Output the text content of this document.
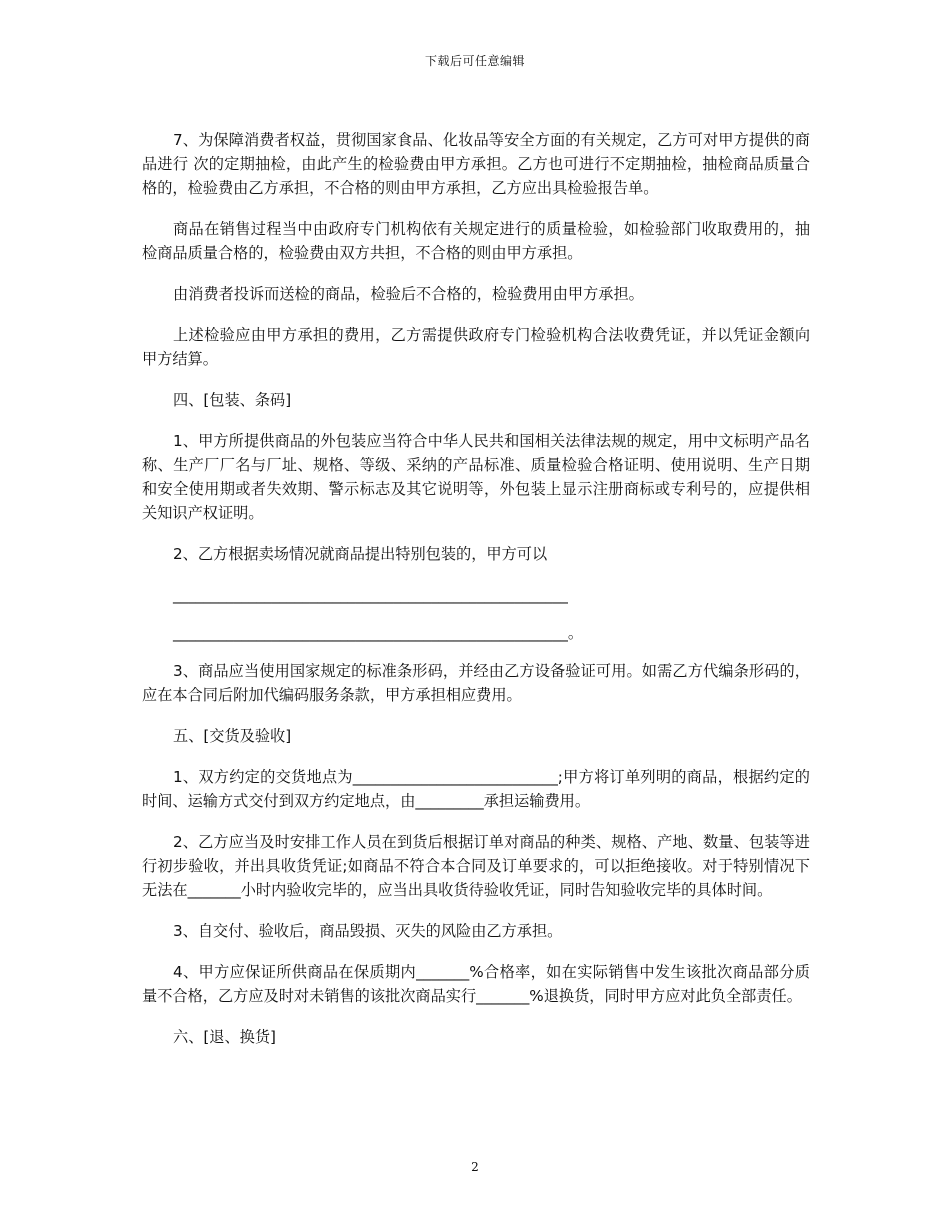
下载后可任意编辑

7、为保障消费者权益，贯彻国家食品、化妆品等安全方面的有关规定，乙方可对甲方提供的商品进行 次的定期抽检，由此产生的检验费由甲方承担。乙方也可进行不定期抽检，抽检商品质量合格的，检验费由乙方承担，不合格的则由甲方承担，乙方应出具检验报告单。

商品在销售过程当中由政府专门机构依有关规定进行的质量检验，如检验部门收取费用的，抽检商品质量合格的，检验费由双方共担，不合格的则由甲方承担。

由消费者投诉而送检的商品，检验后不合格的，检验费用由甲方承担。

上述检验应由甲方承担的费用，乙方需提供政府专门检验机构合法收费凭证，并以凭证金额向甲方结算。

四、[包装、条码]

1、甲方所提供商品的外包装应当符合中华人民共和国相关法律法规的规定，用中文标明产品名称、生产厂厂名与厂址、规格、等级、采纳的产品标准、质量检验合格证明、使用说明、生产日期和安全使用期或者失效期、警示标志及其它说明等，外包装上显示注册商标或专利号的，应提供相关知识产权证明。

2、乙方根据卖场情况就商品提出特别包装的，甲方可以

____________________________________________________

____________________________________________________。

3、商品应当使用国家规定的标准条形码，并经由乙方设备验证可用。如需乙方代编条形码的，应在本合同后附加代编码服务条款，甲方承担相应费用。

五、[交货及验收]

1、双方约定的交货地点为___________________________;甲方将订单列明的商品，根据约定的时间、运输方式交付到双方约定地点，由_________承担运输费用。

2、乙方应当及时安排工作人员在到货后根据订单对商品的种类、规格、产地、数量、包装等进行初步验收，并出具收货凭证;如商品不符合本合同及订单要求的，可以拒绝接收。对于特别情况下无法在_______小时内验收完毕的，应当出具收货待验收凭证，同时告知验收完毕的具体时间。

3、自交付、验收后，商品毁损、灭失的风险由乙方承担。

4、甲方应保证所供商品在保质期内_______%合格率，如在实际销售中发生该批次商品部分质量不合格，乙方应及时对未销售的该批次商品实行_______%退换货，同时甲方应对此负全部责任。

六、[退、换货]

2
